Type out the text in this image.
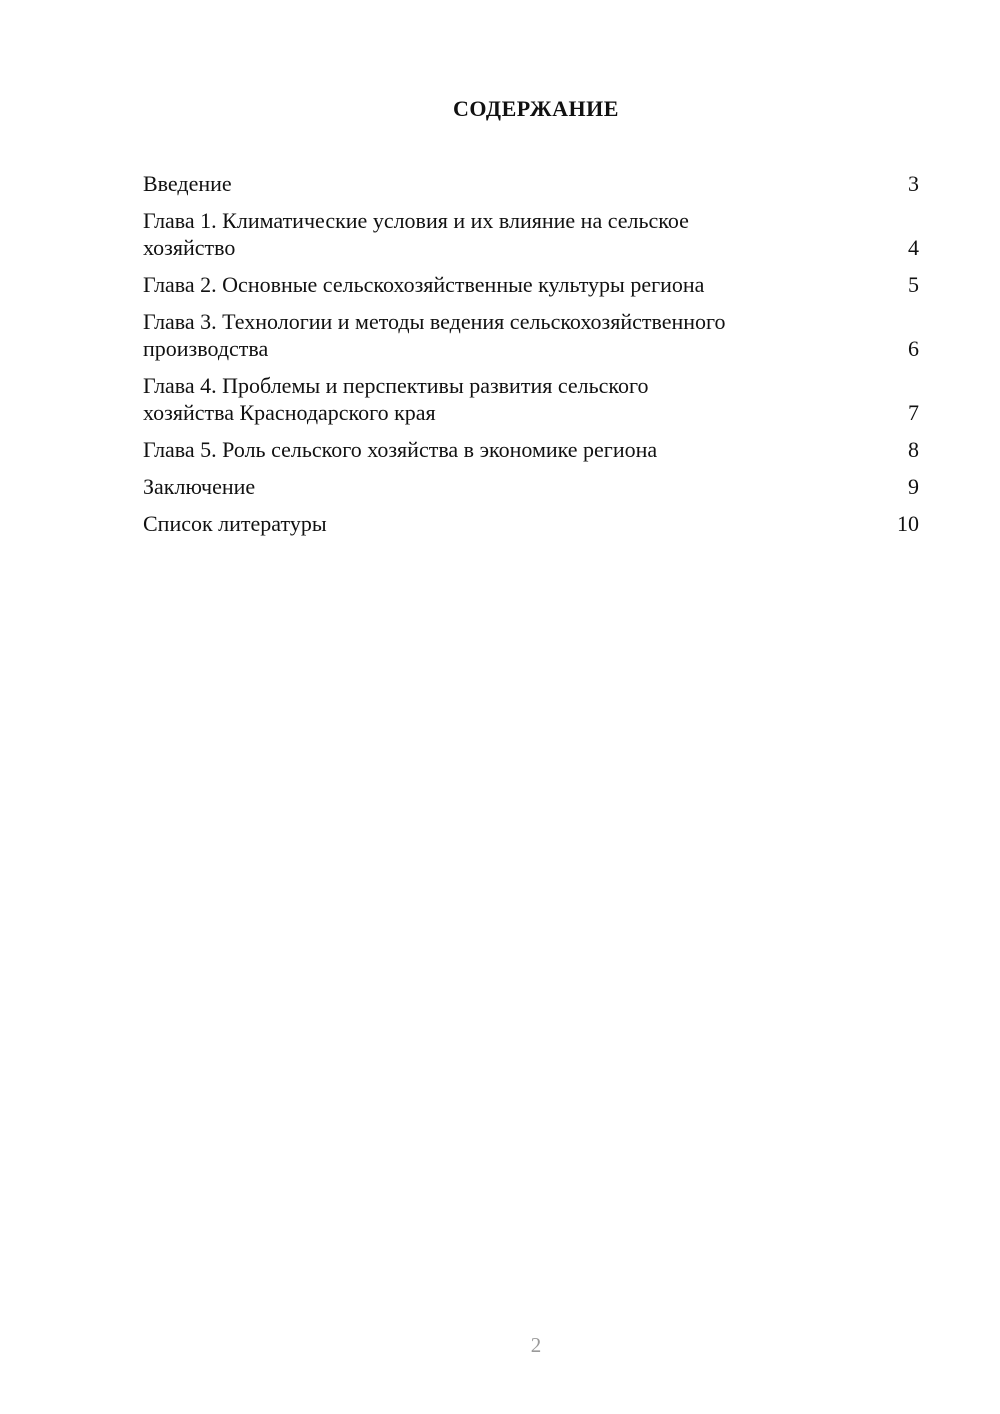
СОДЕРЖАНИЕ
Введение	3
Глава 1. Климатические условия и их влияние на сельское хозяйство	4
Глава 2. Основные сельскохозяйственные культуры региона	5
Глава 3. Технологии и методы ведения сельскохозяйственного производства	6
Глава 4. Проблемы и перспективы развития сельского хозяйства Краснодарского края	7
Глава 5. Роль сельского хозяйства в экономике региона	8
Заключение	9
Список литературы	10
2
